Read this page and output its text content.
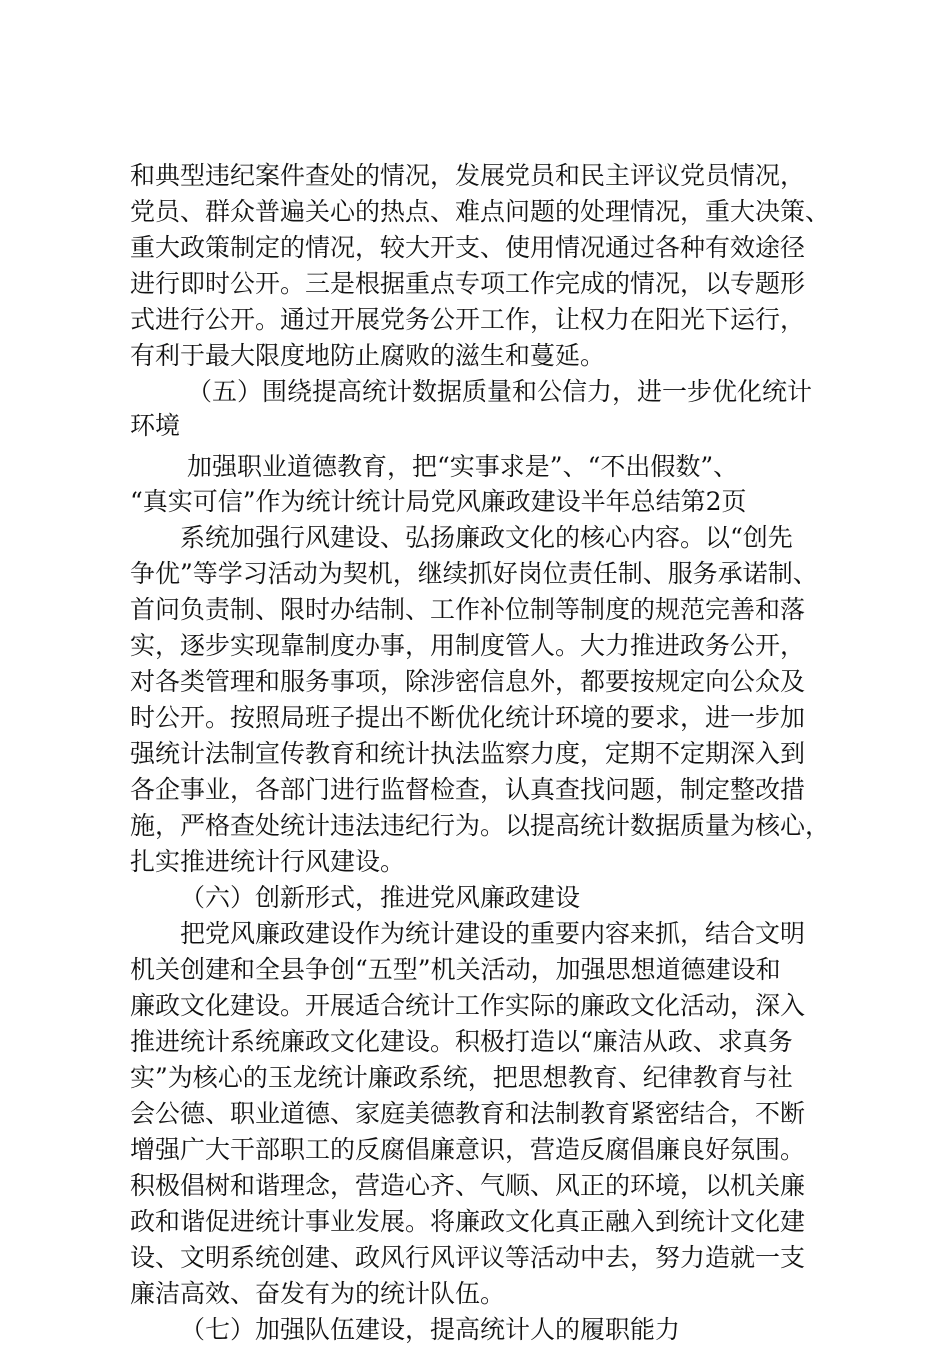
和典型违纪案件查处的情况，发展党员和民主评议党员情况，
党员、群众普遍关心的热点、难点问题的处理情况，重大决策、
重大政策制定的情况，较大开支、使用情况通过各种有效途径
进行即时公开。三是根据重点专项工作完成的情况，以专题形
式进行公开。通过开展党务公开工作，让权力在阳光下运行，
有利于最大限度地防止腐败的滋生和蔓延。
（五）围绕提高统计数据质量和公信力，进一步优化统计
环境
加强职业道德教育，把“实事求是”、“不出假数”、
“真实可信”作为统计统计局党风廉政建设半年总结第2页
系统加强行风建设、弘扬廉政文化的核心内容。以“创先
争优”等学习活动为契机，继续抓好岗位责任制、服务承诺制、
首问负责制、限时办结制、工作补位制等制度的规范完善和落
实，逐步实现靠制度办事，用制度管人。大力推进政务公开，
对各类管理和服务事项，除涉密信息外，都要按规定向公众及
时公开。按照局班子提出不断优化统计环境的要求，进一步加
强统计法制宣传教育和统计执法监察力度，定期不定期深入到
各企事业，各部门进行监督检查，认真查找问题，制定整改措
施，严格查处统计违法违纪行为。以提高统计数据质量为核心，
扎实推进统计行风建设。
（六）创新形式，推进党风廉政建设
把党风廉政建设作为统计建设的重要内容来抓，结合文明
机关创建和全县争创“五型”机关活动，加强思想道德建设和
廉政文化建设。开展适合统计工作实际的廉政文化活动，深入
推进统计系统廉政文化建设。积极打造以“廉洁从政、求真务
实”为核心的玉龙统计廉政系统，把思想教育、纪律教育与社
会公德、职业道德、家庭美德教育和法制教育紧密结合，不断
增强广大干部职工的反腐倡廉意识，营造反腐倡廉良好氛围。
积极倡树和谐理念，营造心齐、气顺、风正的环境，以机关廉
政和谐促进统计事业发展。将廉政文化真正融入到统计文化建
设、文明系统创建、政风行风评议等活动中去，努力造就一支
廉洁高效、奋发有为的统计队伍。
（七）加强队伍建设，提高统计人的履职能力
